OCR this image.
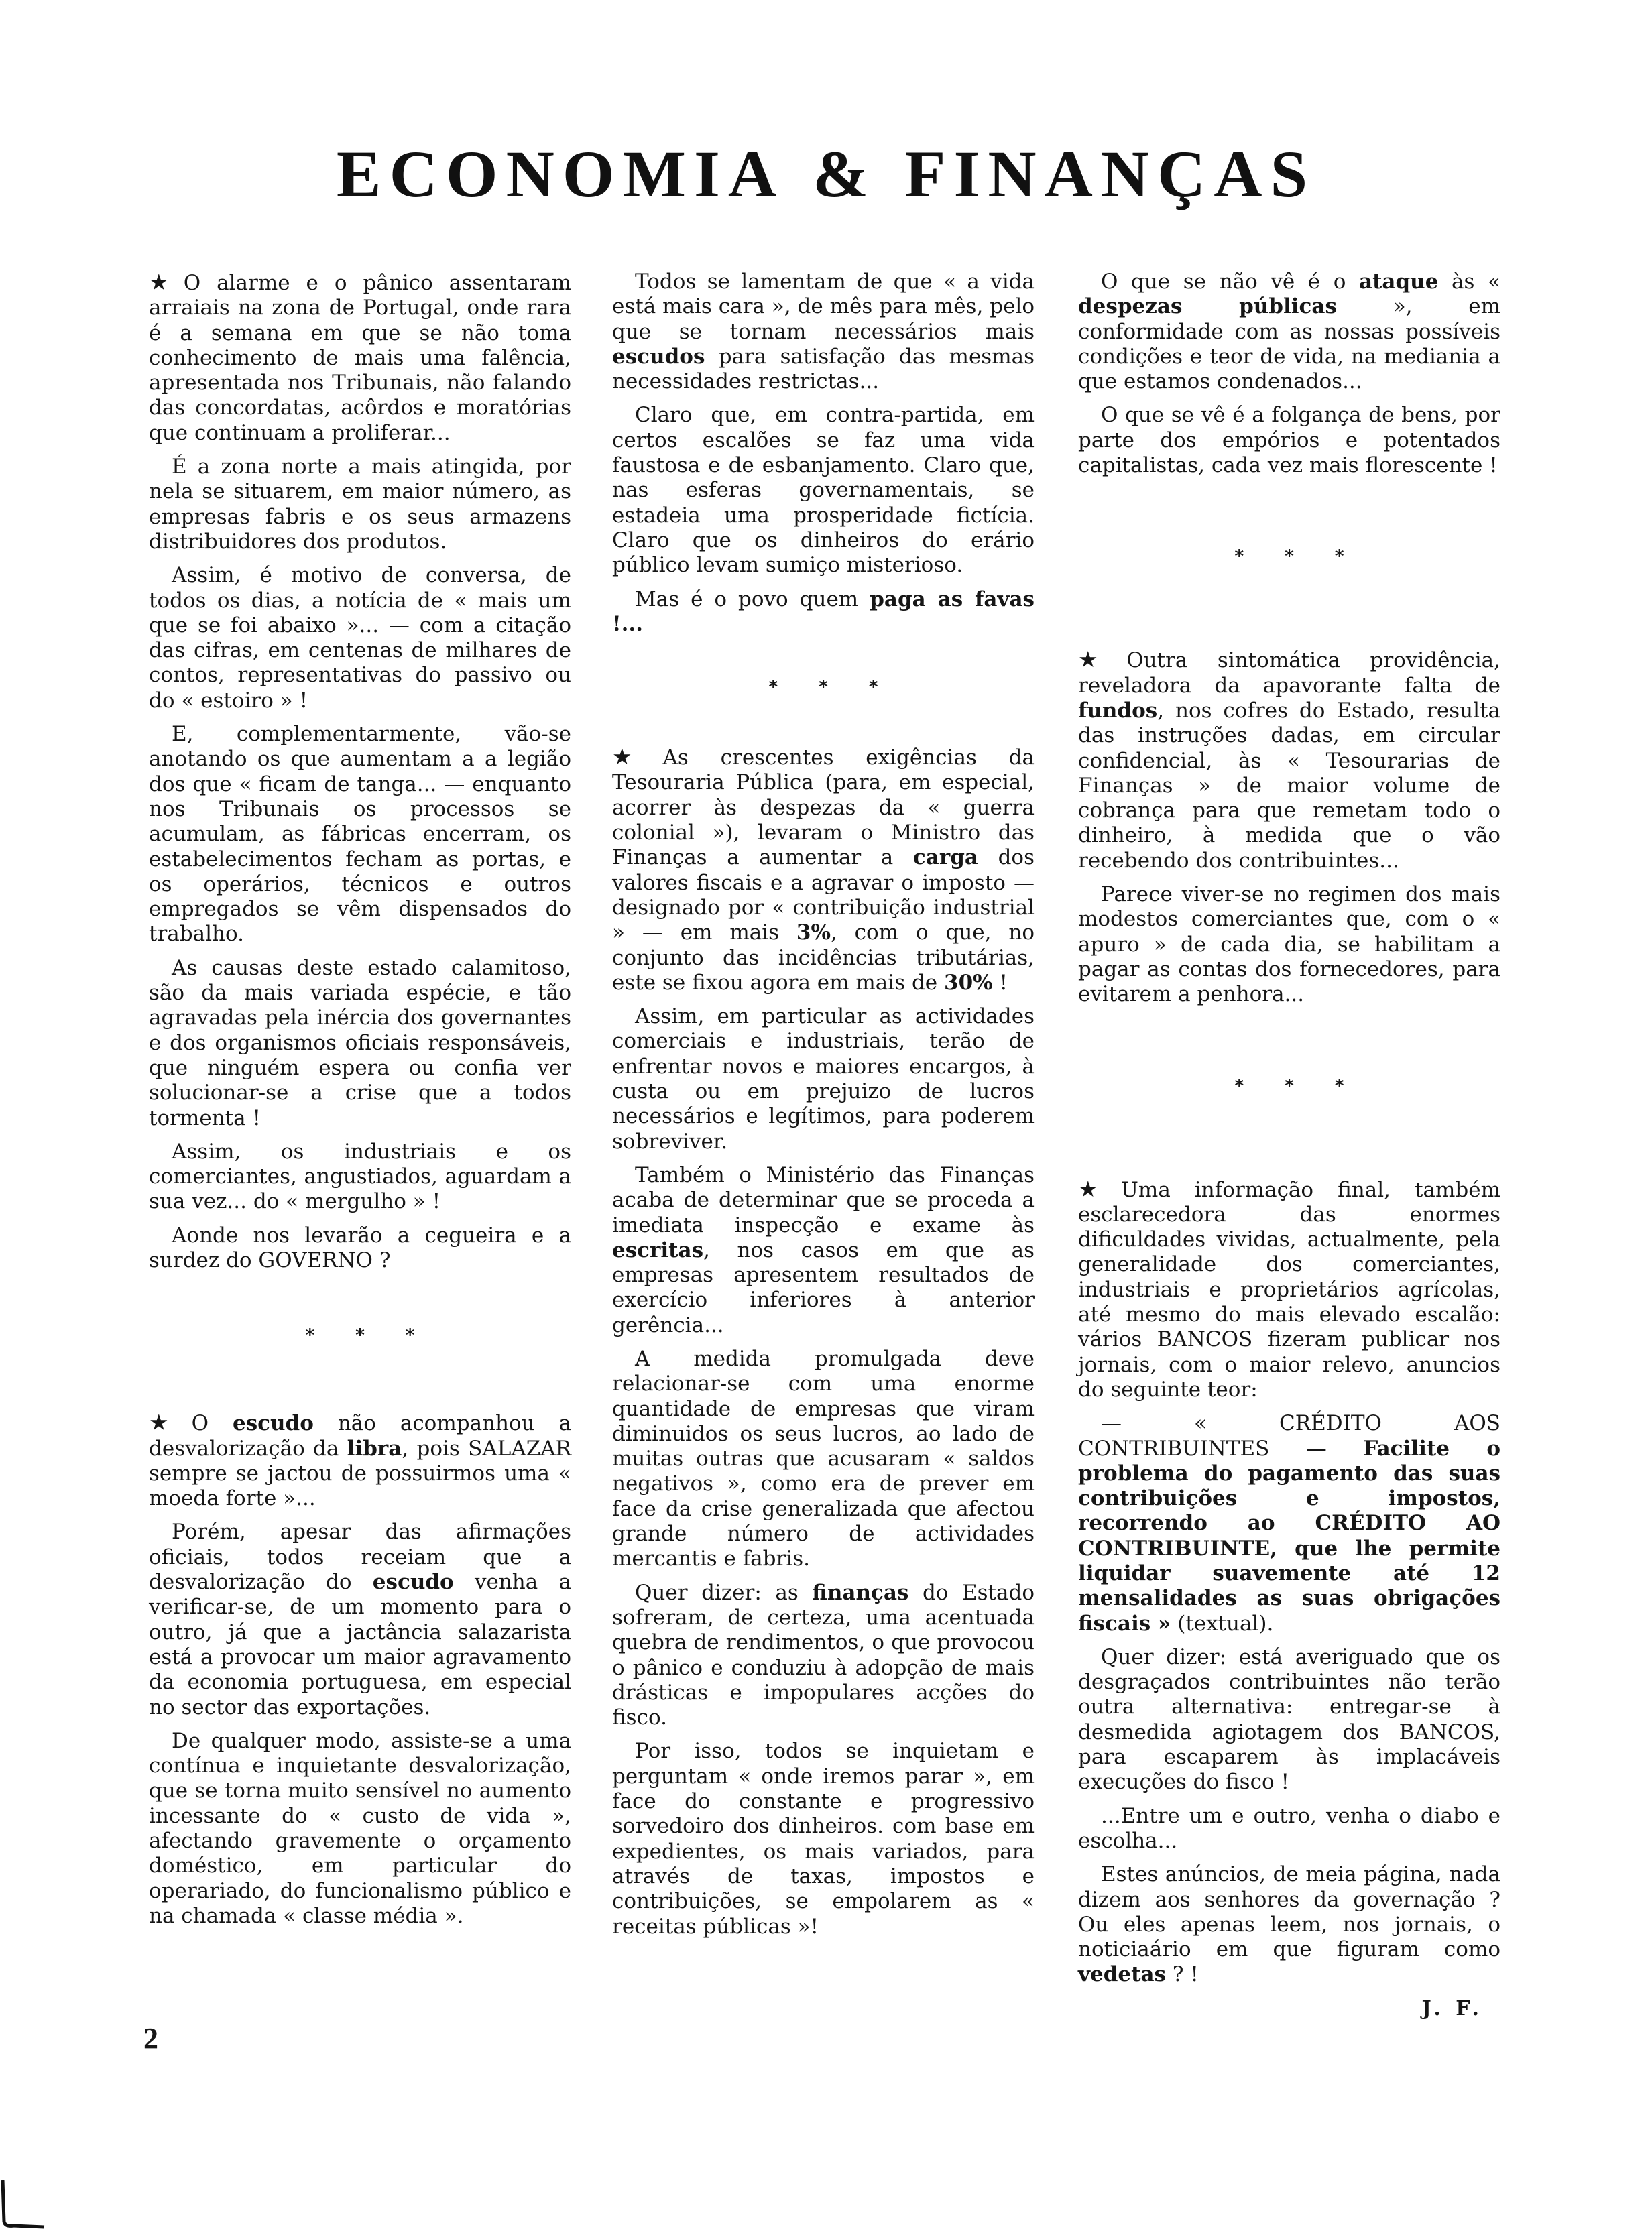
ECONOMIA & FINANÇAS

★ O alarme e o pânico assentaram arraiais na zona de Portugal, onde rara é a semana em que se não toma conhecimento de mais uma falência, apresentada nos Tribunais, não falando das concordatas, acôrdos e moratórias que continuam a proliferar...

É a zona norte a mais atingida, por nela se situarem, em maior número, as empresas fabris e os seus armazens distribuidores dos produtos.

Assim, é motivo de conversa, de todos os dias, a notícia de « mais um que se foi abaixo »... — com a citação das cifras, em centenas de milhares de contos, representativas do passivo ou do « estoiro » !

E, complementarmente, vão-se anotando os que aumentam a a legião dos que « ficam de tanga... — enquanto nos Tribunais os processos se acumulam, as fábricas encerram, os estabelecimentos fecham as portas, e os operários, técnicos e outros empregados se vêm dispensados do trabalho.

As causas deste estado calamitoso, são da mais variada espécie, e tão agravadas pela inércia dos governantes e dos organismos oficiais responsáveis, que ninguém espera ou confia ver solucionar-se a crise que a todos tormenta !

Assim, os industriais e os comerciantes, angustiados, aguardam a sua vez... do « mergulho » !

Aonde nos levarão a cegueira e a surdez do GOVERNO ?

* * *

★ O escudo não acompanhou a desvalorização da libra, pois SALAZAR sempre se jactou de possuirmos uma « moeda forte »...

Porém, apesar das afirmações oficiais, todos receiam que a desvalorização do escudo venha a verificar-se, de um momento para o outro, já que a jactância salazarista está a provocar um maior agravamento da economia portuguesa, em especial no sector das exportações.

De qualquer modo, assiste-se a uma contínua e inquietante desvalorização, que se torna muito sensível no aumento incessante do « custo de vida », afectando gravemente o orçamento doméstico, em particular do operariado, do funcionalismo público e na chamada « classe média ».

Todos se lamentam de que « a vida está mais cara », de mês para mês, pelo que se tornam necessários mais escudos para satisfação das mesmas necessidades restrictas...

Claro que, em contra-partida, em certos escalões se faz uma vida faustosa e de esbanjamento. Claro que, nas esferas governamentais, se estadeia uma prosperidade fictícia. Claro que os dinheiros do erário público levam sumiço misterioso.

Mas é o povo quem paga as favas !...

* * *

★ As crescentes exigências da Tesouraria Pública (para, em especial, acorrer às despezas da « guerra colonial »), levaram o Ministro das Finanças a aumentar a carga dos valores fiscais e a agravar o imposto — designado por « contribuição industrial » — em mais 3%, com o que, no conjunto das incidências tributárias, este se fixou agora em mais de 30% !

Assim, em particular as actividades comerciais e industriais, terão de enfrentar novos e maiores encargos, à custa ou em prejuizo de lucros necessários e legítimos, para poderem sobreviver.

Também o Ministério das Finanças acaba de determinar que se proceda a imediata inspecção e exame às escritas, nos casos em que as empresas apresentem resultados de exercício inferiores à anterior gerência...

A medida promulgada deve relacionar-se com uma enorme quantidade de empresas que viram diminuidos os seus lucros, ao lado de muitas outras que acusaram « saldos negativos », como era de prever em face da crise generalizada que afectou grande número de actividades mercantis e fabris.

Quer dizer: as finanças do Estado sofreram, de certeza, uma acentuada quebra de rendimentos, o que provocou o pânico e conduziu à adopção de mais drásticas e impopulares acções do fisco.

Por isso, todos se inquietam e perguntam « onde iremos parar », em face do constante e progressivo sorvedoiro dos dinheiros. com base em expedientes, os mais variados, para através de taxas, impostos e contribuições, se empolarem as « receitas públicas »!

O que se não vê é o ataque às « despezas públicas	», em conformidade com as nossas possíveis condições e teor de vida, na mediania a que estamos condenados...

O que se vê é a folgança de bens, por parte dos empórios e potentados capitalistas, cada vez mais florescente !

* * *

★ Outra sintomática providência, reveladora da apavorante falta de fundos, nos cofres do Estado, resulta das instruções dadas, em circular confidencial, às « Tesourarias de Finanças » de maior volume de cobrança para que remetam todo o dinheiro, à medida que o vão recebendo dos contribuintes...

Parece viver-se no regimen dos mais modestos comerciantes que, com o « apuro » de cada dia, se habilitam a pagar as contas dos fornecedores, para evitarem a penhora...

* * *

★ Uma informação final, também esclarecedora das enormes dificuldades vividas, actualmente, pela generalidade dos comerciantes, industriais e proprietários agrícolas, até mesmo do mais elevado escalão: vários BANCOS fizeram publicar nos jornais, com o maior relevo, anuncios do seguinte teor:

— « CRÉDITO AOS CONTRIBUINTES — Facilite o problema do pagamento das suas contribuições e impostos, recorrendo ao CRÉDITO AO CONTRIBUINTE, que lhe permite liquidar suavemente até 12 mensalidades as suas obrigações fiscais » (textual).

Quer dizer: está averiguado que os desgraçados contribuintes não terão outra alternativa: entregar-se à desmedida agiotagem dos BANCOS, para escaparem às implacáveis execuções do fisco !

...Entre um e outro, venha o diabo e escolha...

Estes anúncios, de meia página, nada dizem aos senhores da governação ? Ou eles apenas leem, nos jornais, o noticiaário em que figuram como vedetas ? !

J. F.
2
